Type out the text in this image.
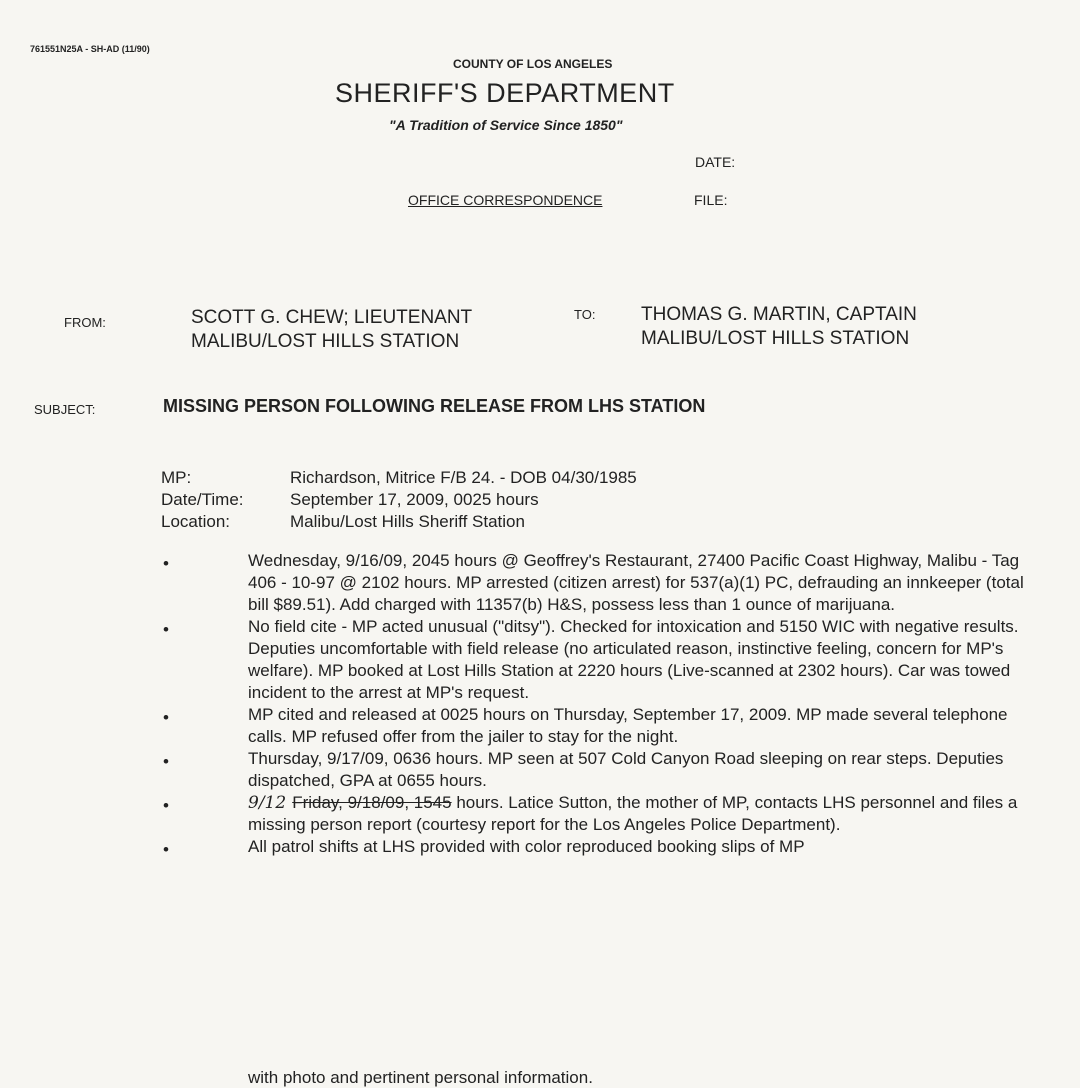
761551N25A - SH-AD (11/90)
COUNTY OF LOS ANGELES
SHERIFF'S DEPARTMENT
"A Tradition of Service Since 1850"
DATE:
OFFICE CORRESPONDENCE	FILE:
FROM:	SCOTT G. CHEW; LIEUTENANT
MALIBU/LOST HILLS STATION
TO: THOMAS G. MARTIN, CAPTAIN
MALIBU/LOST HILLS STATION
SUBJECT:	MISSING PERSON FOLLOWING RELEASE FROM LHS STATION
MP:	Richardson, Mitrice F/B 24. - DOB 04/30/1985
Date/Time:	September 17, 2009, 0025 hours
Location:	Malibu/Lost Hills Sheriff Station
• Wednesday, 9/16/09, 2045 hours @ Geoffrey's Restaurant, 27400 Pacific Coast Highway, Malibu - Tag 406 - 10-97 @ 2102 hours. MP arrested (citizen arrest) for 537(a)(1) PC, defrauding an innkeeper (total bill $89.51). Add charged with 11357(b) H&S, possess less than 1 ounce of marijuana.
• No field cite - MP acted unusual ("ditsy"). Checked for intoxication and 5150 WIC with negative results. Deputies uncomfortable with field release (no articulated reason, instinctive feeling, concern for MP's welfare). MP booked at Lost Hills Station at 2220 hours (Live-scanned at 2302 hours). Car was towed incident to the arrest at MP's request.
• MP cited and released at 0025 hours on Thursday, September 17, 2009. MP made several telephone calls. MP refused offer from the jailer to stay for the night.
• Thursday, 9/17/09, 0636 hours. MP seen at 507 Cold Canyon Road sleeping on rear steps. Deputies dispatched, GPA at 0655 hours.
• 9/12 Friday, 9/18/09, 1545 hours. Latice Sutton, the mother of MP, contacts LHS personnel and files a missing person report (courtesy report for the Los Angeles Police Department).
• All patrol shifts at LHS provided with color reproduced booking slips of MP
with photo and pertinent personal information.
